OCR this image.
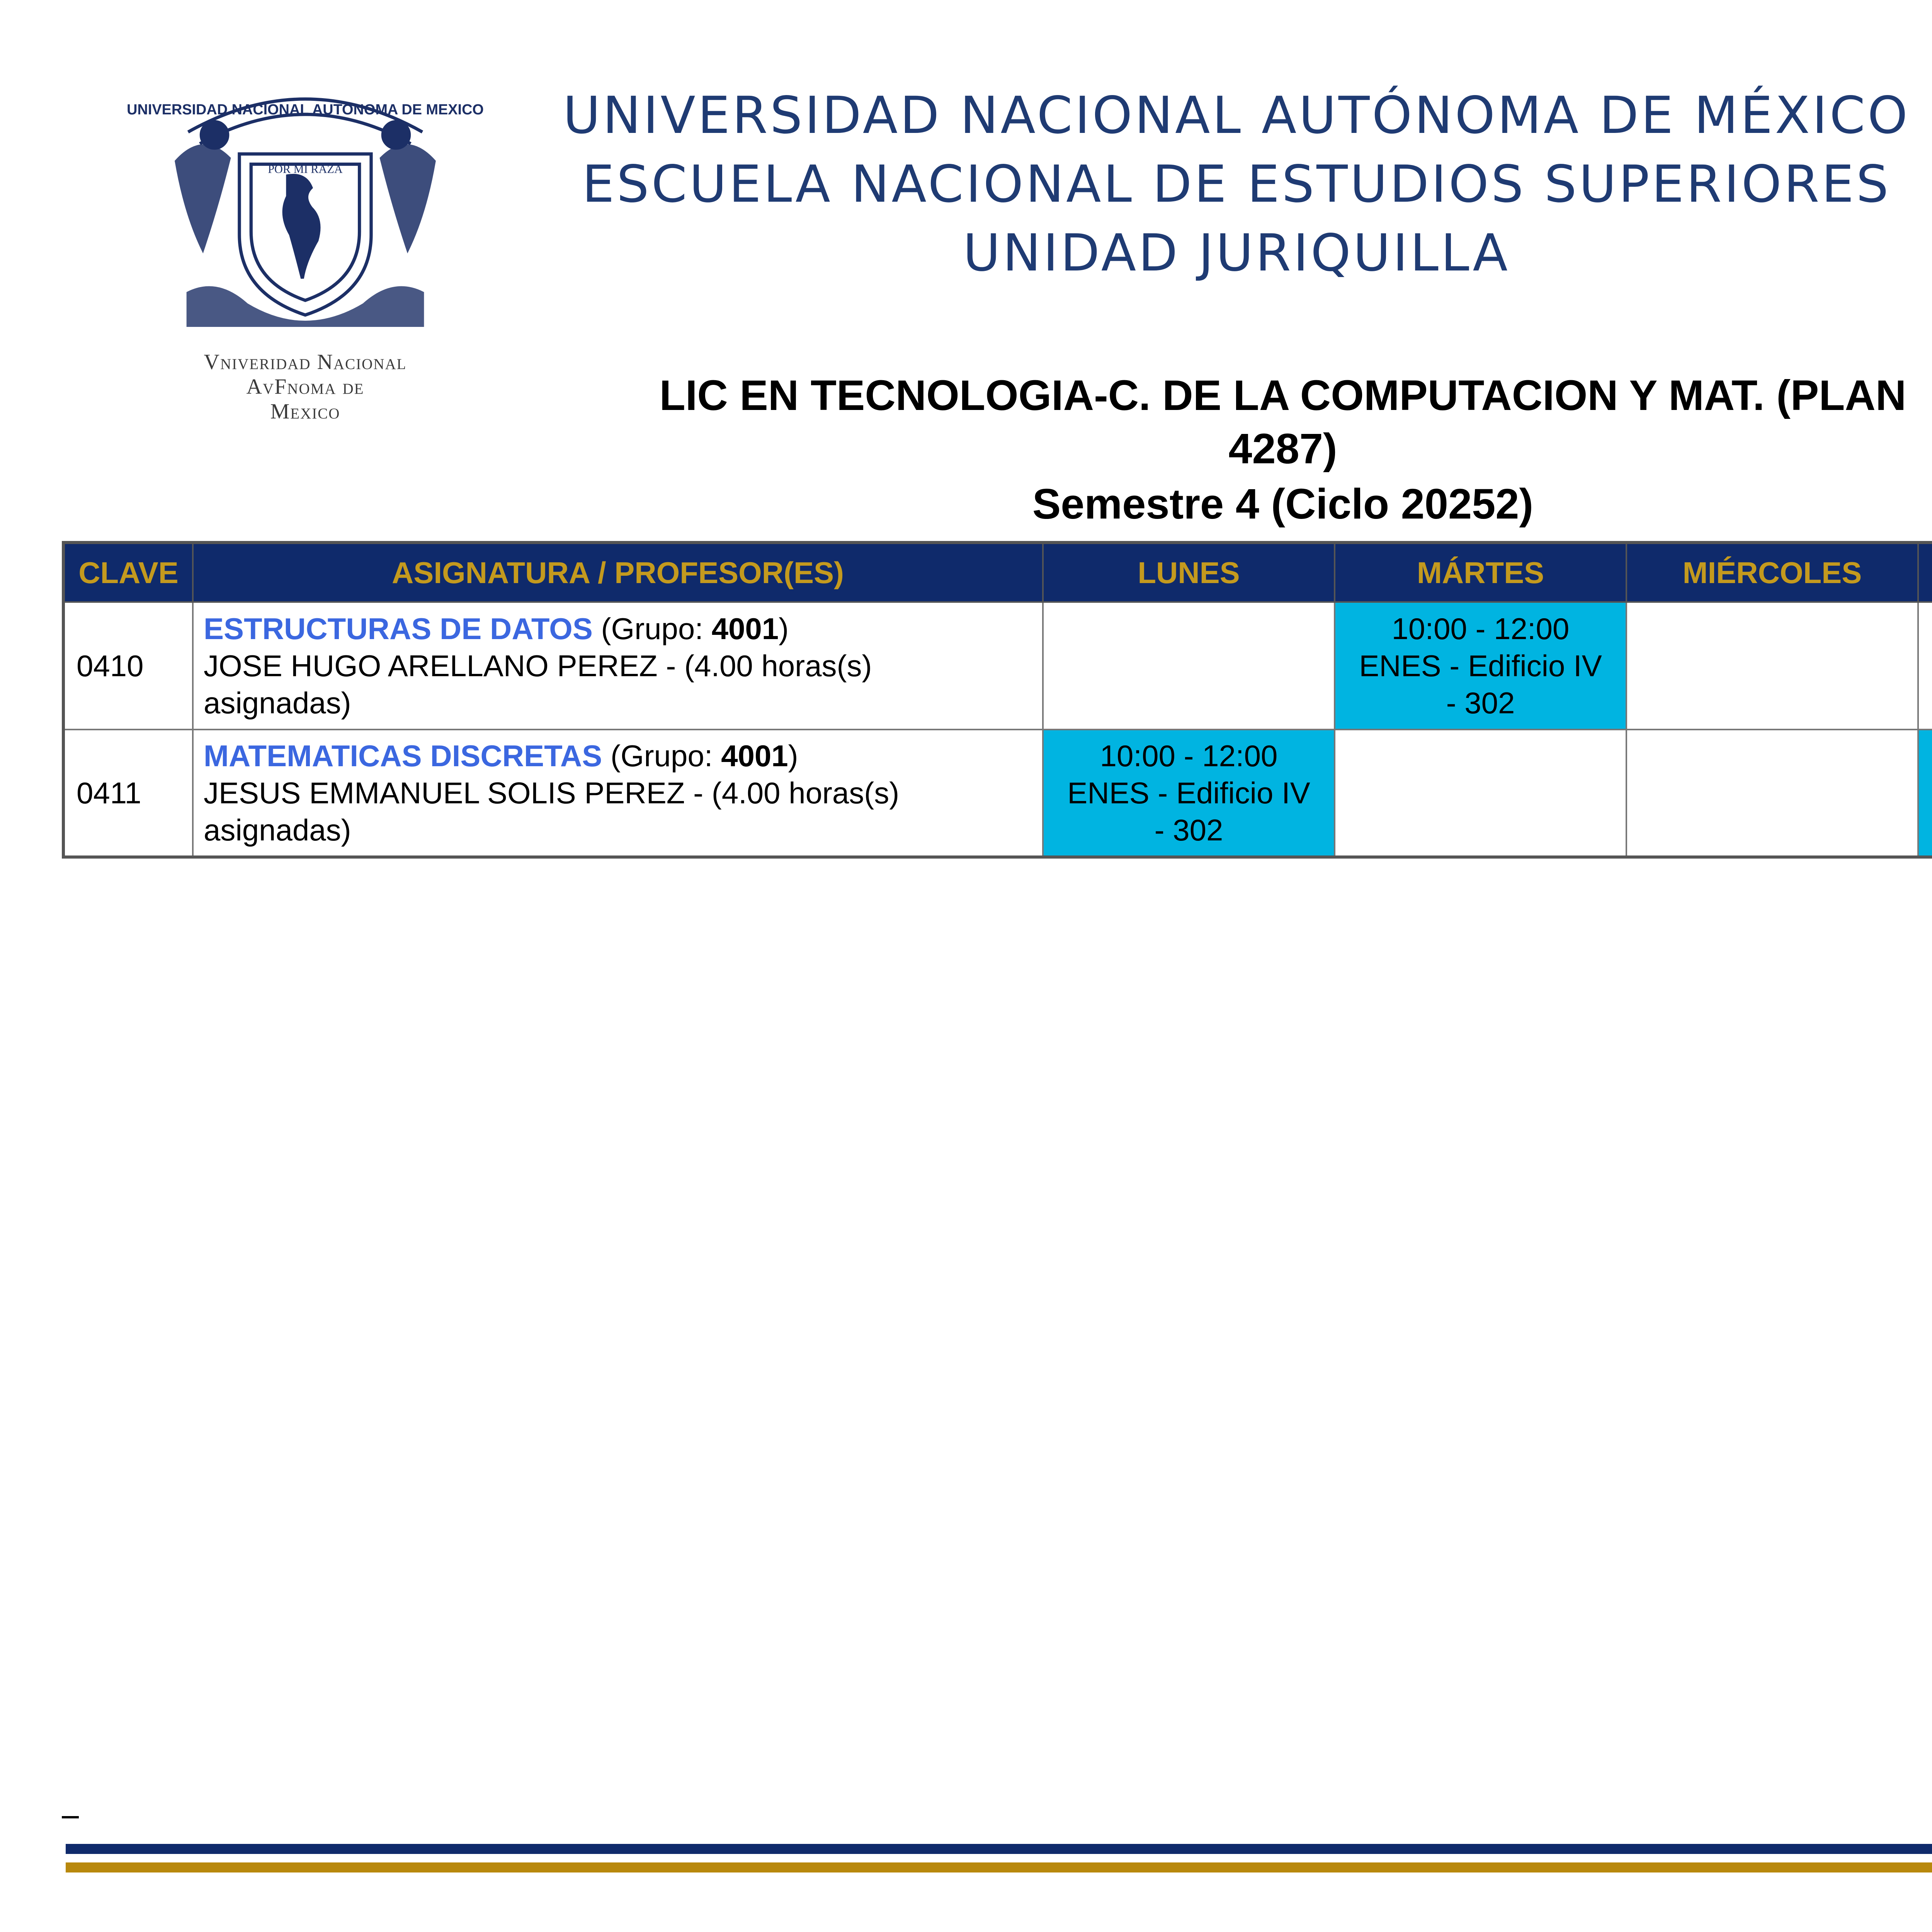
UNIVERSIDAD NACIONAL AUTONOMA DE MEXICO
POR MI RAZA
Vniveridad Nacional
AvFnoma de
Mexico
UNIVERSIDAD NACIONAL AUTÓNOMA DE MÉXICO
ESCUELA NACIONAL DE ESTUDIOS SUPERIORES
UNIDAD JURIQUILLA
LIC EN TECNOLOGIA-C. DE LA COMPUTACION Y MAT. (PLAN
4287)
Semestre 4 (Ciclo 20252)
CLAVE	ASIGNATURA / PROFESOR(ES)	LUNES	MÁRTES	MIÉRCOLES		
0410	ESTRUCTURAS DE DATOS (Grupo: 4001)
JOSE HUGO ARELLANO PEREZ - (4.00 horas(s)
asignadas)		10:00 - 12:00
ENES - Edificio IV
- 302

0411	MATEMATICAS DISCRETAS (Grupo: 4001)
JESUS EMMANUEL SOLIS PEREZ - (4.00 horas(s)
asignadas)	10:00 - 12:00
ENES - Edificio IV
- 302
